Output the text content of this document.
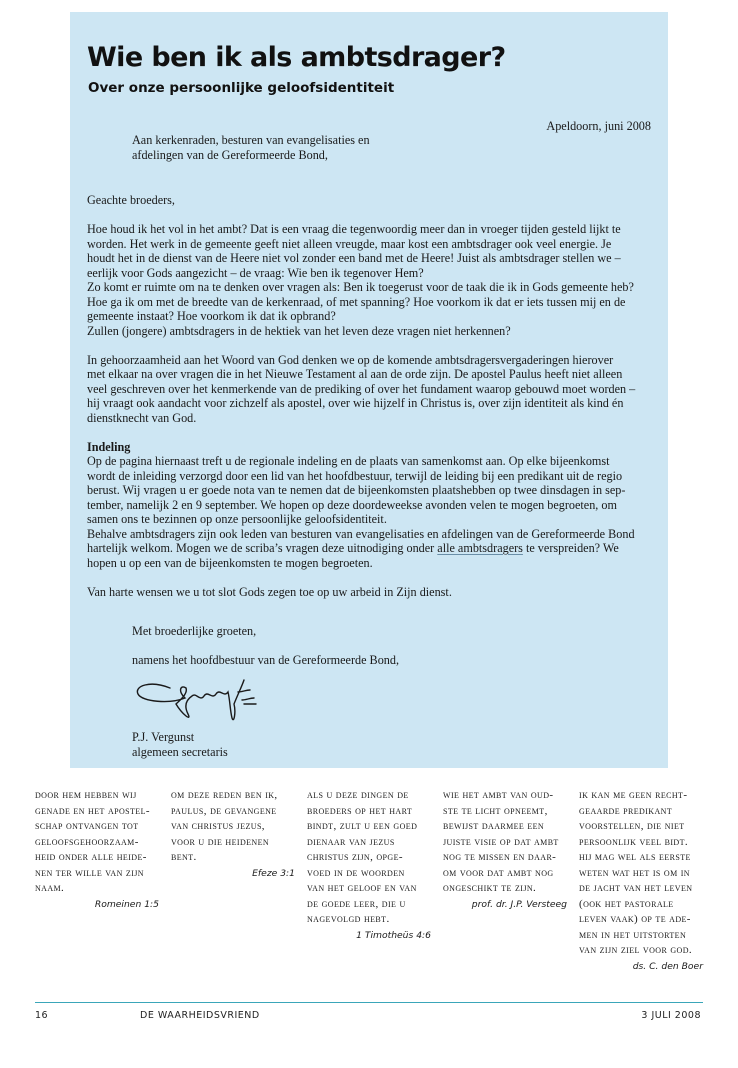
Wie ben ik als ambtsdrager?
Over onze persoonlijke geloofsidentiteit
Apeldoorn, juni 2008
Aan kerkenraden, besturen van evangelisaties en
afdelingen van de Gereformeerde Bond,

Geachte broeders,

Hoe houd ik het vol in het ambt? Dat is een vraag die tegenwoordig meer dan in vroeger tijden gesteld lijkt te
worden. Het werk in de gemeente geeft niet alleen vreugde, maar kost een ambtsdrager ook veel energie. Je
houdt het in de dienst van de Heere niet vol zonder een band met de Heere! Juist als ambtsdrager stellen we –
eerlijk voor Gods aangezicht – de vraag: Wie ben ik tegenover Hem?
Zo komt er ruimte om na te denken over vragen als: Ben ik toegerust voor de taak die ik in Gods gemeente heb?
Hoe ga ik om met de breedte van de kerkenraad, of met spanning? Hoe voorkom ik dat er iets tussen mij en de
gemeente instaat? Hoe voorkom ik dat ik opbrand?
Zullen (jongere) ambtsdragers in de hektiek van het leven deze vragen niet herkennen?
In gehoorzaamheid aan het Woord van God denken we op de komende ambtsdragersvergaderingen hierover
met elkaar na over vragen die in het Nieuwe Testament al aan de orde zijn. De apostel Paulus heeft niet alleen
veel geschreven over het kenmerkende van de prediking of over het fundament waarop gebouwd moet worden –
hij vraagt ook aandacht voor zichzelf als apostel, over wie hijzelf in Christus is, over zijn identiteit als kind én
dienstknecht van God.
Indeling
Op de pagina hiernaast treft u de regionale indeling en de plaats van samenkomst aan. Op elke bijeenkomst
wordt de inleiding verzorgd door een lid van het hoofdbestuur, terwijl de leiding bij een predikant uit de regio
berust. Wij vragen u er goede nota van te nemen dat de bijeenkomsten plaatshebben op twee dinsdagen in sep-
tember, namelijk 2 en 9 september. We hopen op deze doordeweekse avonden velen te mogen begroeten, om
samen ons te bezinnen op onze persoonlijke geloofsidentiteit.
Behalve ambtsdragers zijn ook leden van besturen van evangelisaties en afdelingen van de Gereformeerde Bond
hartelijk welkom. Mogen we de scriba’s vragen deze uitnodiging onder alle ambtsdragers te verspreiden? We
hopen u op een van de bijeenkomsten te mogen begroeten.
Van harte wensen we u tot slot Gods zegen toe op uw arbeid in Zijn dienst.

Met broederlijke groeten,

namens het hoofdbestuur van de Gereformeerde Bond,

P.J. Vergunst
algemeen secretaris
door hem hebben wij
genade en het apostel-
schap ontvangen tot
geloofsgehoorzaam-
heid onder alle heide-
nen ter wille van zijn
naam.
Romeinen 1:5
om deze reden ben ik,
paulus, de gevangene
van christus jezus,
voor u die heidenen
bent.
Efeze 3:1
als u deze dingen de
broeders op het hart
bindt, zult u een goed
dienaar van jezus
christus zijn, opge-
voed in de woorden
van het geloof en van
de goede leer, die u
nagevolgd hebt.
1 Timotheüs 4:6
wie het ambt van oud-
ste te licht opneemt,
bewijst daarmee een
juiste visie op dat ambt
nog te missen en daar-
om voor dat ambt nog
ongeschikt te zijn.
prof. dr. J.P. Versteeg
ik kan me geen recht-
geaarde predikant
voorstellen, die niet
persoonlijk veel bidt.
hij mag wel als eerste
weten wat het is om in
de jacht van het leven
(ook het pastorale
leven vaak) op te ade-
men in het uitstorten
van zijn ziel voor god.
ds. C. den Boer
16	DE WAARHEIDSVRIEND	3 JULI 2008
